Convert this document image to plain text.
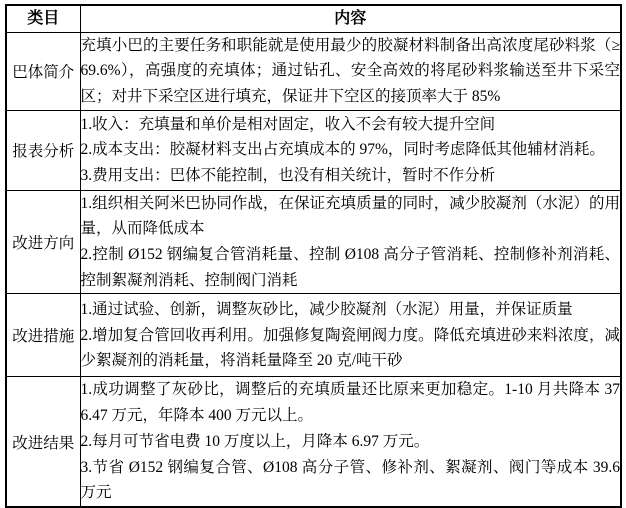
类目	内容
巴体简介	充填小巴的主要任务和职能就是使用最少的胶凝材料制备出高浓度尾砂料浆（≥69.6%），高强度的充填体；通过钻孔、安全高效的将尾砂料浆输送至井下采空区；对井下采空区进行填充，保证井下空区的接顶率大于 85%

报表分析	1.收入：充填量和单价是相对固定，收入不会有较大提升空间

2.成本支出：胶凝材料支出占充填成本的 97%，同时考虑降低其他辅材消耗。

3.费用支出：巴体不能控制，也没有相关统计，暂时不作分析

改进方向	1.组织相关阿米巴协同作战，在保证充填质量的同时，减少胶凝剂（水泥）的用量，从而降低成本

2.控制 Ø152 钢编复合管消耗量、控制 Ø108 高分子管消耗、控制修补剂消耗、控制絮凝剂消耗、控制阀门消耗

改进措施	1.通过试验、创新，调整灰砂比，减少胶凝剂（水泥）用量，并保证质量

2.增加复合管回收再利用。加强修复陶瓷闸阀力度。降低充填进砂来料浓度，减少絮凝剂的消耗量，将消耗量降至 20 克/吨干砂

改进结果	1.成功调整了灰砂比，调整后的充填质量还比原来更加稳定。1-10 月共降本 376.47 万元，年降本 400 万元以上。

2.每月可节省电费 10 万度以上，月降本 6.97 万元。

3.节省 Ø152 钢编复合管、Ø108 高分子管、修补剂、絮凝剂、阀门等成本 39.6 万元
